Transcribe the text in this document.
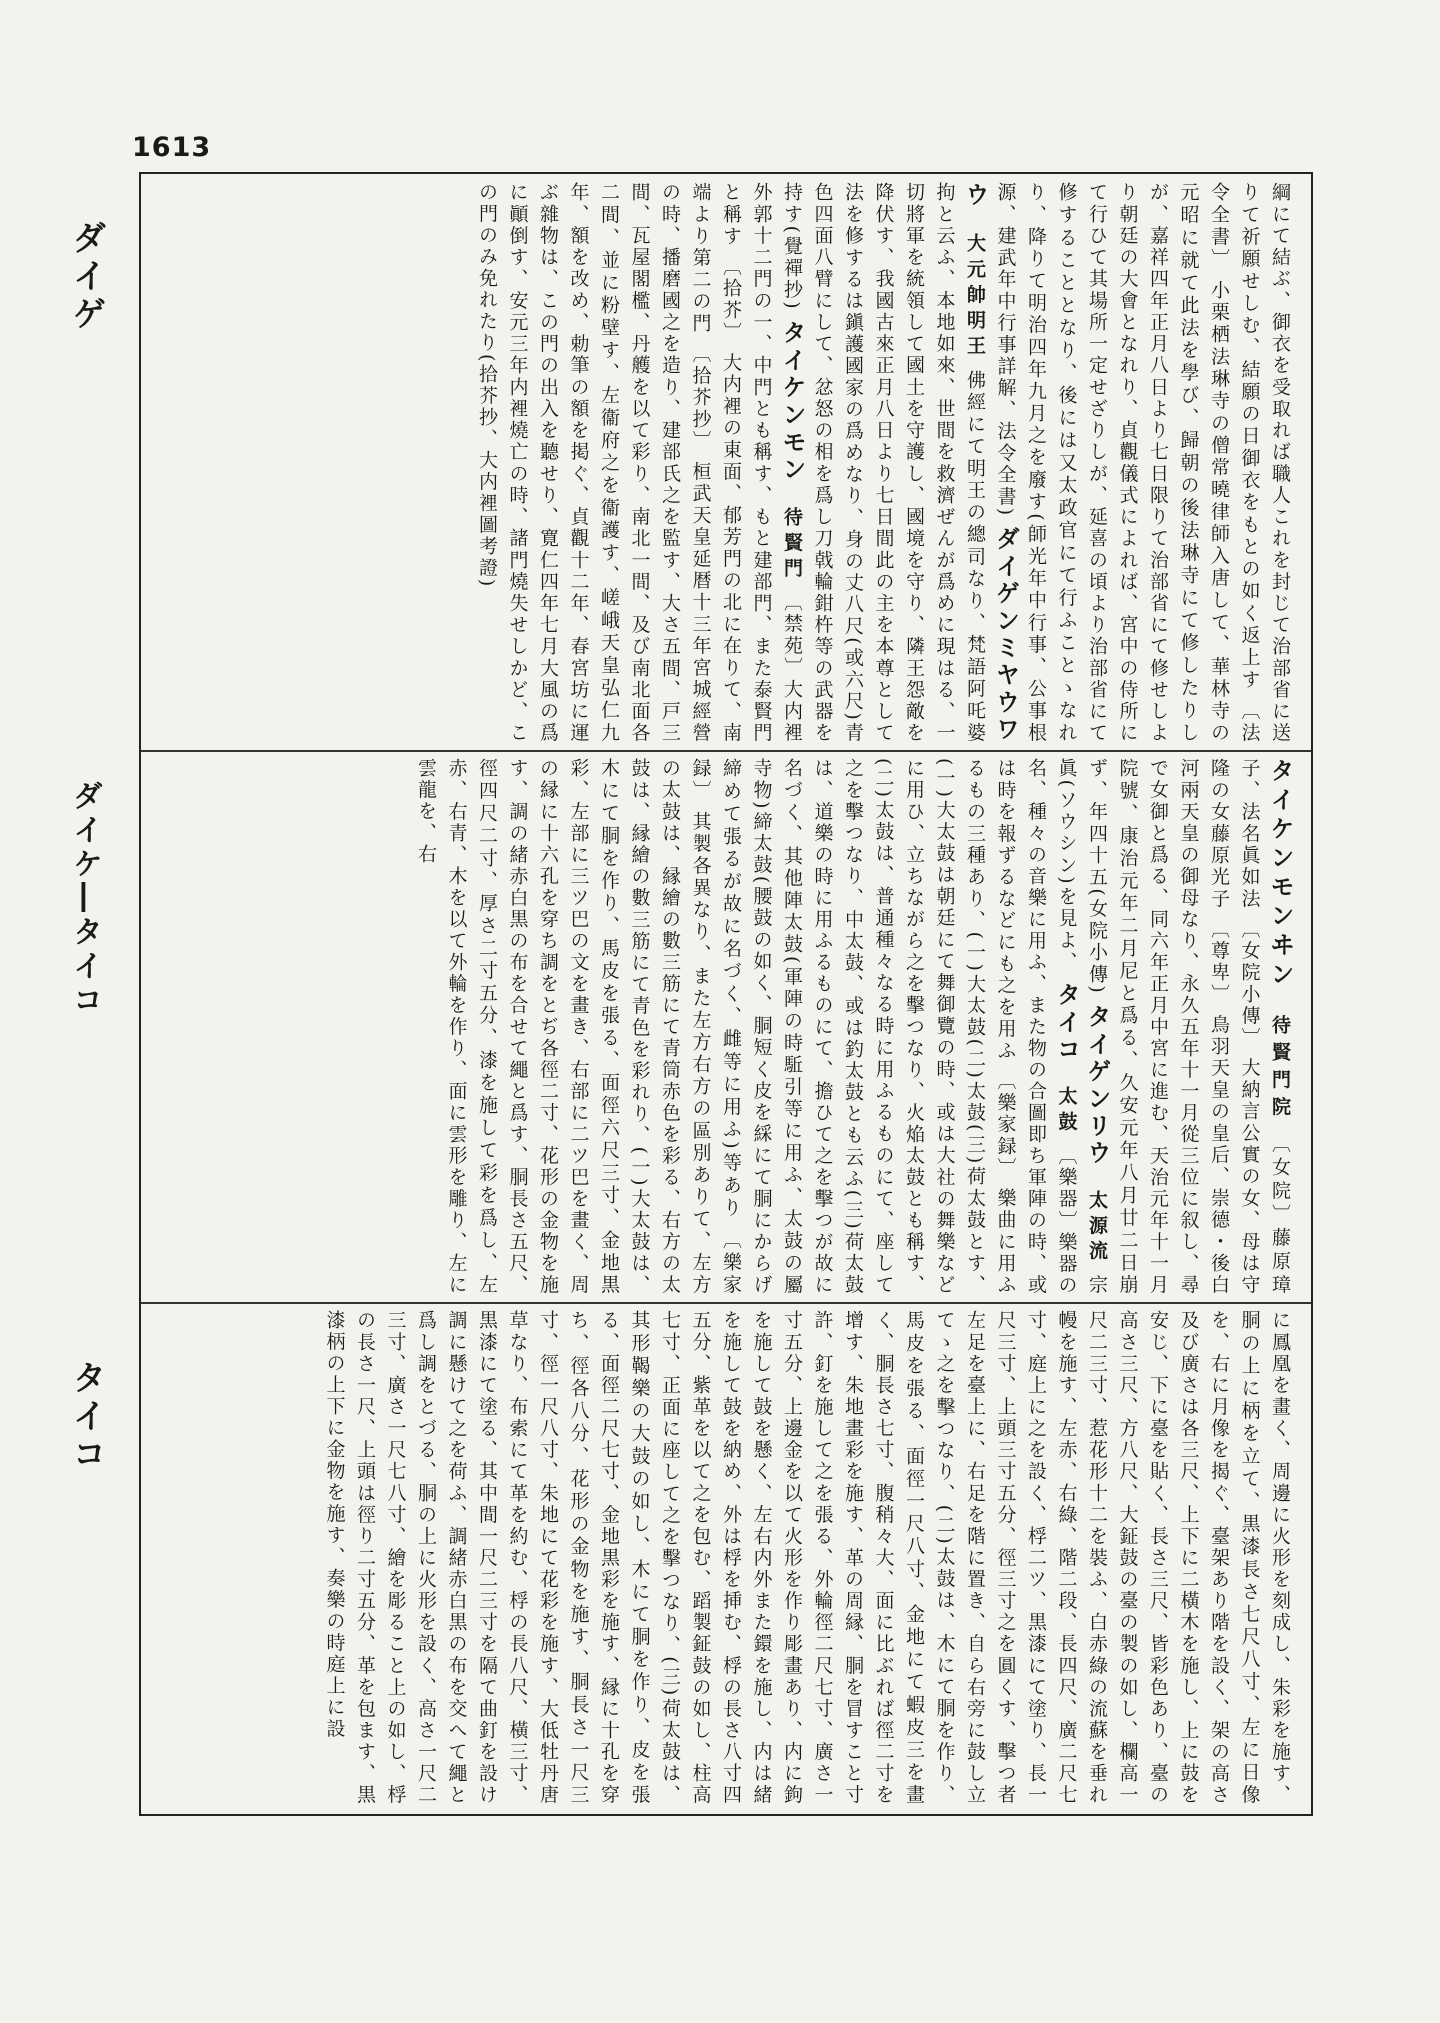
1613
ダイゲ
ダイケ―タイコ
タイコ
綱にて結ぶ、御衣を受取れば職人これを封じて治部省に送りて祈願せしむ、結願の日御衣をもとの如く返上す 〔法令全書〕 小栗栖法琳寺の僧常曉律師入唐して、華林寺の元昭に就て此法を學び、歸朝の後法琳寺にて修したりしが、嘉祥四年正月八日より七日限りて治部省にて修せしより朝廷の大會となれり、貞觀儀式によれば、宮中の侍所にて行ひて其場所一定せざりしが、延喜の頃より治部省にて修することとなり、後には又太政官にて行ふことゝなれり、降りて明治四年九月之を廢す(師光年中行事、公事根源、建武年中行事詳解、法令全書) ダイゲンミヤウワウ 大元帥明王 佛經にて明王の總司なり、梵語阿吒婆拘と云ふ、本地如來、世間を救濟ぜんが爲めに現はる、一切將軍を統領して國土を守護し、國境を守り、隣王怨敵を降伏す、我國古來正月八日より七日間此の主を本尊として法を修するは鎭護國家の爲めなり、身の丈八尺(或六尺)青色四面八臂にして、忿怒の相を爲し刀戟輪鉗杵等の武器を持す(覺禪抄) タイケンモン 待賢門 〔禁苑〕大内裡外郭十二門の一、中門とも稱す、もと建部門、また泰賢門と稱す 〔拾芥〕 大内裡の東面、郁芳門の北に在りて、南端より第二の門 〔拾芥抄〕 桓武天皇延暦十三年宮城經營の時、播磨國之を造り、建部氏之を監す、大さ五間、戸三間、瓦屋閣檻、丹艧を以て彩り、南北一間、及び南北面各二間、並に粉壁す、左衞府之を衞護す、嵯峨天皇弘仁九年、額を改め、勅筆の額を掲ぐ、貞觀十二年、春宮坊に運ぶ雜物は、この門の出入を聽せり、寛仁四年七月大風の爲に顚倒す、安元三年内裡燒亡の時、諸門燒失せしかど、この門のみ免れたり(拾芥抄、大内裡圖考證)
タイケンモンヰン 待賢門院 〔女院〕藤原璋子、法名眞如法 〔女院小傳〕 大納言公實の女、母は守隆の女藤原光子 〔尊卑〕 鳥羽天皇の皇后、崇德・後白河兩天皇の御母なり、永久五年十一月從三位に叙し、尋で女御と爲る、同六年正月中宮に進む、天治元年十一月院號、康治元年二月尼と爲る、久安元年八月廿二日崩ず、年四十五(女院小傳) タイゲンリウ 太源流 宗眞(ソウシン)を見よ、 タイコ 太鼓 〔樂器〕樂器の名、種々の音樂に用ふ、また物の合圖即ち軍陣の時、或は時を報ずるなどにも之を用ふ 〔樂家録〕 樂曲に用ふるもの三種あり、(一)大太鼓(二)太鼓(三)荷太鼓とす、(一)大太鼓は朝廷にて舞御覽の時、或は大社の舞樂などに用ひ、立ちながら之を擊つなり、火焔太鼓とも稱す、(二)太鼓は、普通種々なる時に用ふるものにて、座して之を擊つなり、中太鼓、或は釣太鼓とも云ふ(三)荷太鼓は、道樂の時に用ふるものにて、擔ひて之を擊つが故に名づく、其他陣太鼓(軍陣の時駈引等に用ふ、太鼓の屬寺物)締太鼓(腰鼓の如く、胴短く皮を綵にて胴にからげ締めて張るが故に名づく、雌等に用ふ)等あり 〔樂家録〕 其製各異なり、また左方右方の區別ありて、左方の太鼓は、縁繪の數三筋にて青筒赤色を彩る、右方の太鼓は、縁繪の數三筋にて青色を彩れり、(一)大太鼓は、木にて胴を作り、馬皮を張る、面徑六尺三寸、金地黒彩、左部に三ツ巴の文を畫き、右部に二ツ巴を畫く、周の縁に十六孔を穿ち調をとぢ各徑二寸、花形の金物を施す、調の緒赤白黒の布を合せて繩と爲す、胴長さ五尺、徑四尺二寸、厚さ二寸五分、漆を施して彩を爲し、左赤、右青、木を以て外輪を作り、面に雲形を雕り、左に雲龍を、右
に鳳凰を畫く、周邊に火形を刻成し、朱彩を施す、胴の上に柄を立て、黒漆長さ七尺八寸、左に日像を、右に月像を揭ぐ、臺架あり階を設く、架の高さ及び廣さは各三尺、上下に二橫木を施し、上に鼓を安じ、下に臺を貼く、長さ三尺、皆彩色あり、臺の高さ三尺、方八尺、大鉦鼓の臺の製の如し、欄高一尺二三寸、惹花形十二を裝ふ、白赤綠の流蘇を垂れ幔を施す、左赤、右綠、階二段、長四尺、廣二尺七寸、庭上に之を設く、桴二ツ、黒漆にて塗り、長一尺三寸、上頭三寸五分、徑三寸之を圓くす、擊つ者左足を臺上に、右足を階に置き、自ら右旁に鼓し立てゝ之を擊つなり、(二)太鼓は、木にて胴を作り、馬皮を張る、面徑一尺八寸、金地にて蝦皮三を畫く、胴長さ七寸、腹稍々大、面に比ぶれば徑二寸を增す、朱地畫彩を施す、革の周縁、胴を冒すこと寸許、釘を施して之を張る、外輪徑二尺七寸、廣さ一寸五分、上邊金を以て火形を作り彫畫あり、内に鉤を施して鼓を懸く、左右内外また鐶を施し、内は緒を施して鼓を納め、外は桴を挿む、桴の長さ八寸四五分、紫革を以て之を包む、蹈製鉦鼓の如し、柱高七寸、正面に座して之を擊つなり、(三)荷太鼓は、其形鞨樂の大鼓の如し、木にて胴を作り、皮を張る、面徑二尺七寸、金地黒彩を施す、縁に十孔を穿ち、徑各八分、花形の金物を施す、胴長さ一尺三寸、徑一尺八寸、朱地にて花彩を施す、大低牡丹唐草なり、布索にて革を約む、桴の長八尺、橫三寸、黒漆にて塗る、其中間一尺二三寸を隔て曲釘を設け調に懸けて之を荷ふ、調緒赤白黒の布を交へて繩と爲し調をとづる、胴の上に火形を設く、高さ一尺二三寸、廣さ一尺七八寸、繪を彫ること上の如し、桴の長さ一尺、上頭は徑り二寸五分、革を包ます、黒漆柄の上下に金物を施す、奏樂の時庭上に設
